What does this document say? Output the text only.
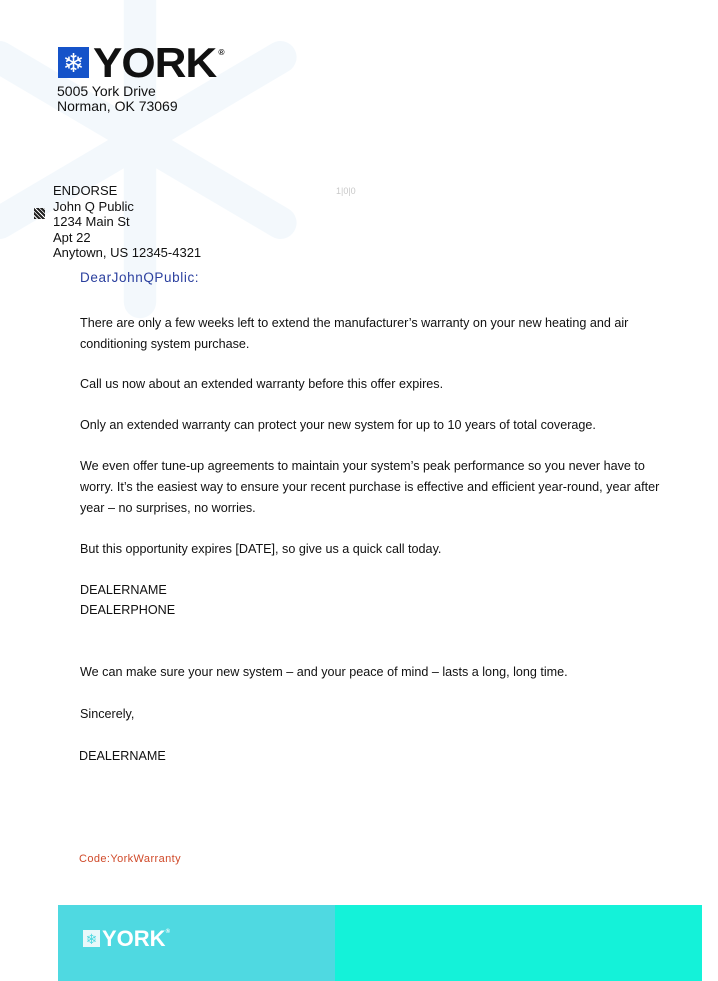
❄ YORK ®
5005 York Drive
Norman, OK 73069
ENDORSE
John Q Public
1234 Main St
Apt 22
Anytown, US 12345-4321
1|0|0
DearJohnQPublic:
There are only a few weeks left to extend the manufacturer’s warranty on your new heating and air conditioning system purchase.
Call us now about an extended warranty before this offer expires.
Only an extended warranty can protect your new system for up to 10 years of total coverage.
We even offer tune-up agreements to maintain your system’s peak performance so you never have to worry. It’s the easiest way to ensure your recent purchase is effective and efficient year-round, year after year – no surprises, no worries.
But this opportunity expires [DATE], so give us a quick call today.
DEALERNAME
DEALERPHONE
We can make sure your new system – and your peace of mind – lasts a long, long time.
Sincerely,
DEALERNAME
Code:YorkWarranty
❄ YORK®
